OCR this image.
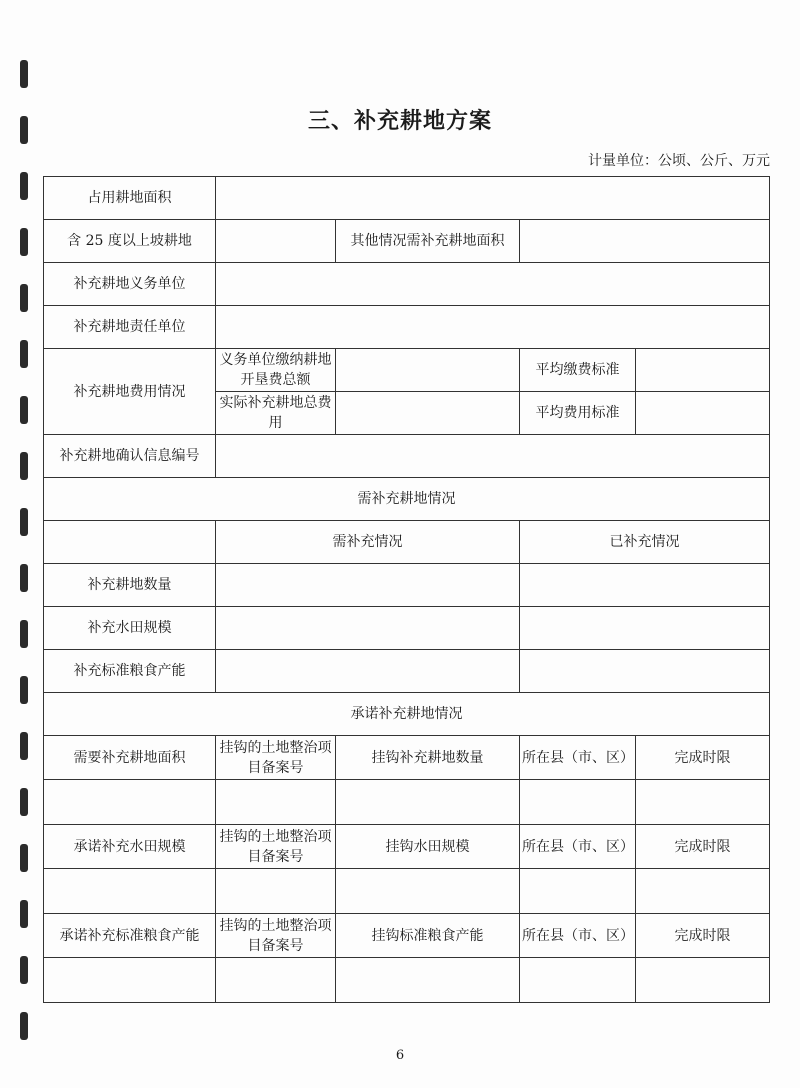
三、补充耕地方案
计量单位：公顷、公斤、万元
占用耕地面积				
含 25 度以上坡耕地		其他情况需补充耕地面积		
补充耕地义务单位				
补充耕地责任单位				
补充耕地费用情况	义务单位缴纳耕地开垦费总额		平均缴费标准	
	实际补充耕地总费用		平均费用标准	
补充耕地确认信息编号				
需补充耕地情况				
	需补充情况		已补充情况	
补充耕地数量				
补充水田规模				
补充标准粮食产能				
承诺补充耕地情况				
需要补充耕地面积	挂钩的土地整治项目备案号	挂钩补充耕地数量	所在县（市、区）	完成时限

承诺补充水田规模	挂钩的土地整治项目备案号	挂钩水田规模	所在县（市、区）	完成时限

承诺补充标准粮食产能	挂钩的土地整治项目备案号	挂钩标准粮食产能	所在县（市、区）	完成时限

6
